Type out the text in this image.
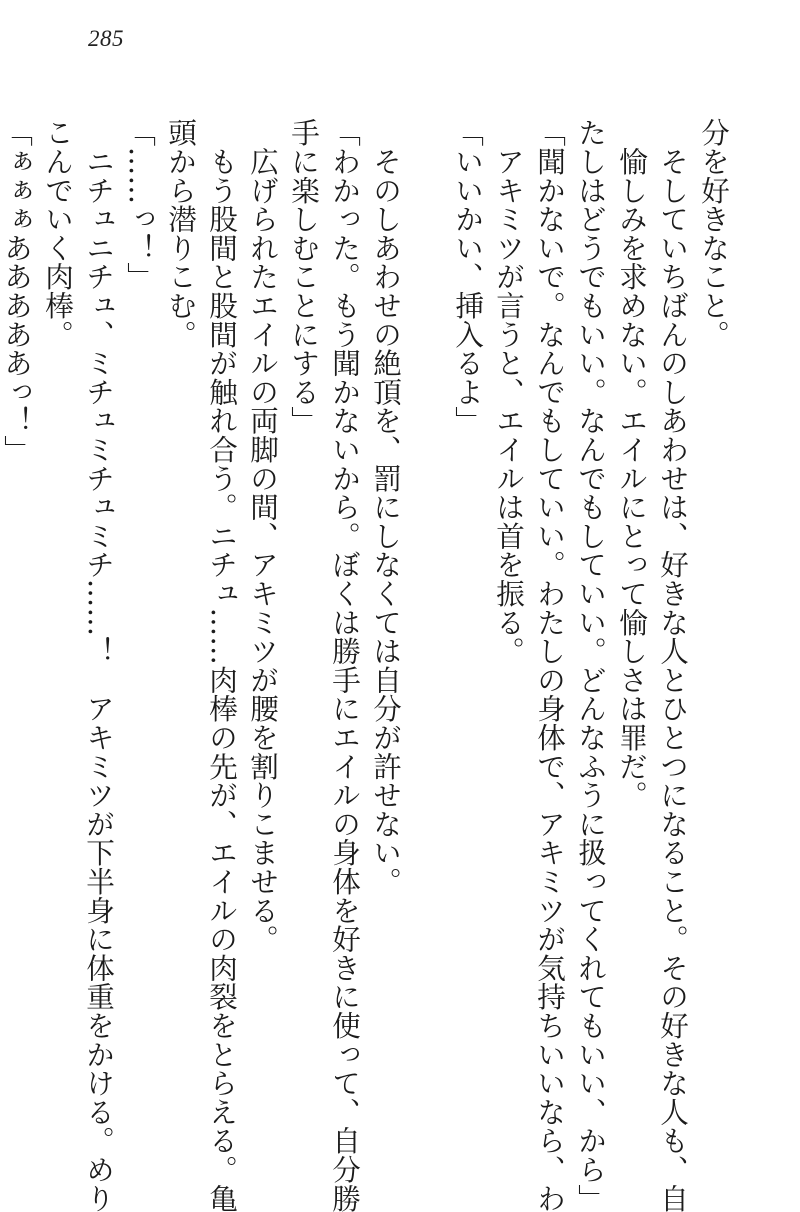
285
分を好きなこと。
　そしていちばんのしあわせは、好きな人とひとつになること。その好きな人も、自
　愉しみを求めない。エイルにとって愉しさは罪だ。
たしはどうでもいい。なんでもしていい。どんなふうに扱ってくれてもいい、から」
「聞かないで。なんでもしていい。わたしの身体で、アキミツが気持ちいいなら、わ
　アキミツが言うと、エイルは首を振る。
「いいかい、挿入るよ」
　そのしあわせの絶頂を、罰にしなくては自分が許せない。
「わかった。もう聞かないから。ぼくは勝手にエイルの身体を好きに使って、自分勝
手に楽しむことにする」
　広げられたエイルの両脚の間、アキミツが腰を割りこませる。
　もう股間と股間が触れ合う。ニチュ……肉棒の先が、エイルの肉裂をとらえる。亀
頭から潜りこむ。
「……っ！」
　ニチュニチュ、ミチュミチュミチ……！　アキミツが下半身に体重をかける。めり
こんでいく肉棒。
「ぁぁぁあああああっ！」
